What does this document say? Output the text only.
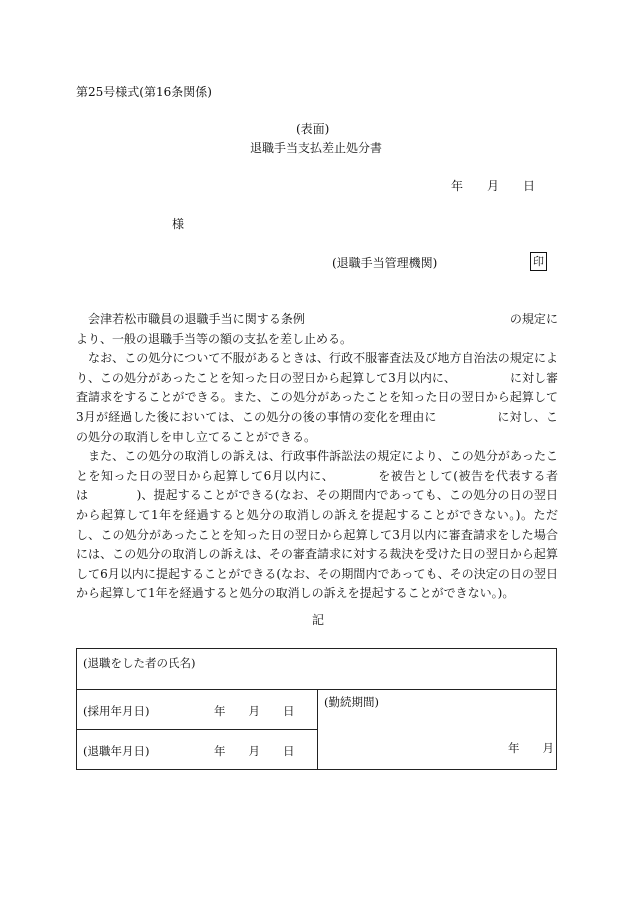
第25号様式(第16条関係)
(表面)
退職手当支払差止処分書
年　　月　　日
様
(退職手当管理機関)	印

　会津若松市職員の退職手当に関する条例　　　　　　　　　　　　　　　　　の規定により、一般の退職手当等の額の支払を差し止める。

　なお、この処分について不服があるときは、行政不服審査法及び地方自治法の規定により、この処分があったことを知った日の翌日から起算して3月以内に、　　　　　に対し審査請求をすることができる。また、この処分があったことを知った日の翌日から起算して3月が経過した後においては、この処分の後の事情の変化を理由に　　　　　に対し、この処分の取消しを申し立てることができる。

　また、この処分の取消しの訴えは、行政事件訴訟法の規定により、この処分があったことを知った日の翌日から起算して6月以内に、　　　　を被告として(被告を代表する者は　　　　)、提起することができる(なお、その期間内であっても、この処分の日の翌日から起算して1年を経過すると処分の取消しの訴えを提起することができない。)。ただし、この処分があったことを知った日の翌日から起算して3月以内に審査請求をした場合には、この処分の取消しの訴えは、その審査請求に対する裁決を受けた日の翌日から起算して6月以内に提起することができる(なお、その期間内であっても、その決定の日の翌日から起算して1年を経過すると処分の取消しの訴えを提起することができない。)。

記
(退職をした者の氏名)

(採用年月日)	年　　月　　日

(勤続期間)
年　　月

(退職年月日)	年　　月　　日
